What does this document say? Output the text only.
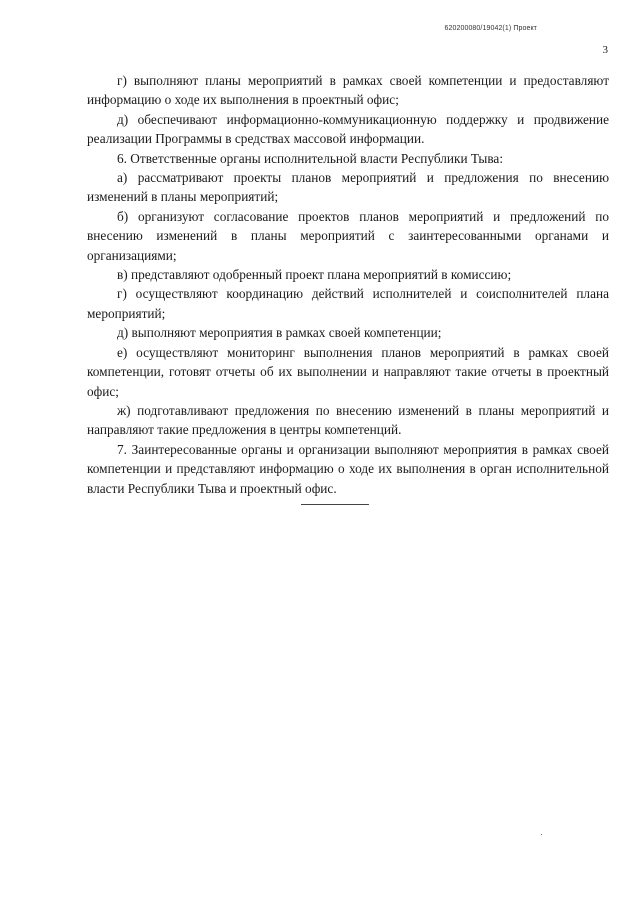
620200080/19042(1) Проект
3

г) выполняют планы мероприятий в рамках своей компетенции и предоставляют информацию о ходе их выполнения в проектный офис;

д) обеспечивают информационно-коммуникационную поддержку и продвижение реализации Программы в средствах массовой информации.

6. Ответственные органы исполнительной власти Республики Тыва:

а) рассматривают проекты планов мероприятий и предложения по внесению изменений в планы мероприятий;

б) организуют согласование проектов планов мероприятий и предложений по внесению изменений в планы мероприятий с заинтересованными органами и организациями;

в) представляют одобренный проект плана мероприятий в комиссию;

г) осуществляют координацию действий исполнителей и соисполнителей плана мероприятий;

д) выполняют мероприятия в рамках своей компетенции;

е) осуществляют мониторинг выполнения планов мероприятий в рамках своей компетенции, готовят отчеты об их выполнении и направляют такие отчеты в проектный офис;

ж) подготавливают предложения по внесению изменений в планы мероприятий и направляют такие предложения в центры компетенций.

7. Заинтересованные органы и организации выполняют мероприятия в рамках своей компетенции и представляют информацию о ходе их выполнения в орган исполнительной власти Республики Тыва и проектный офис.
